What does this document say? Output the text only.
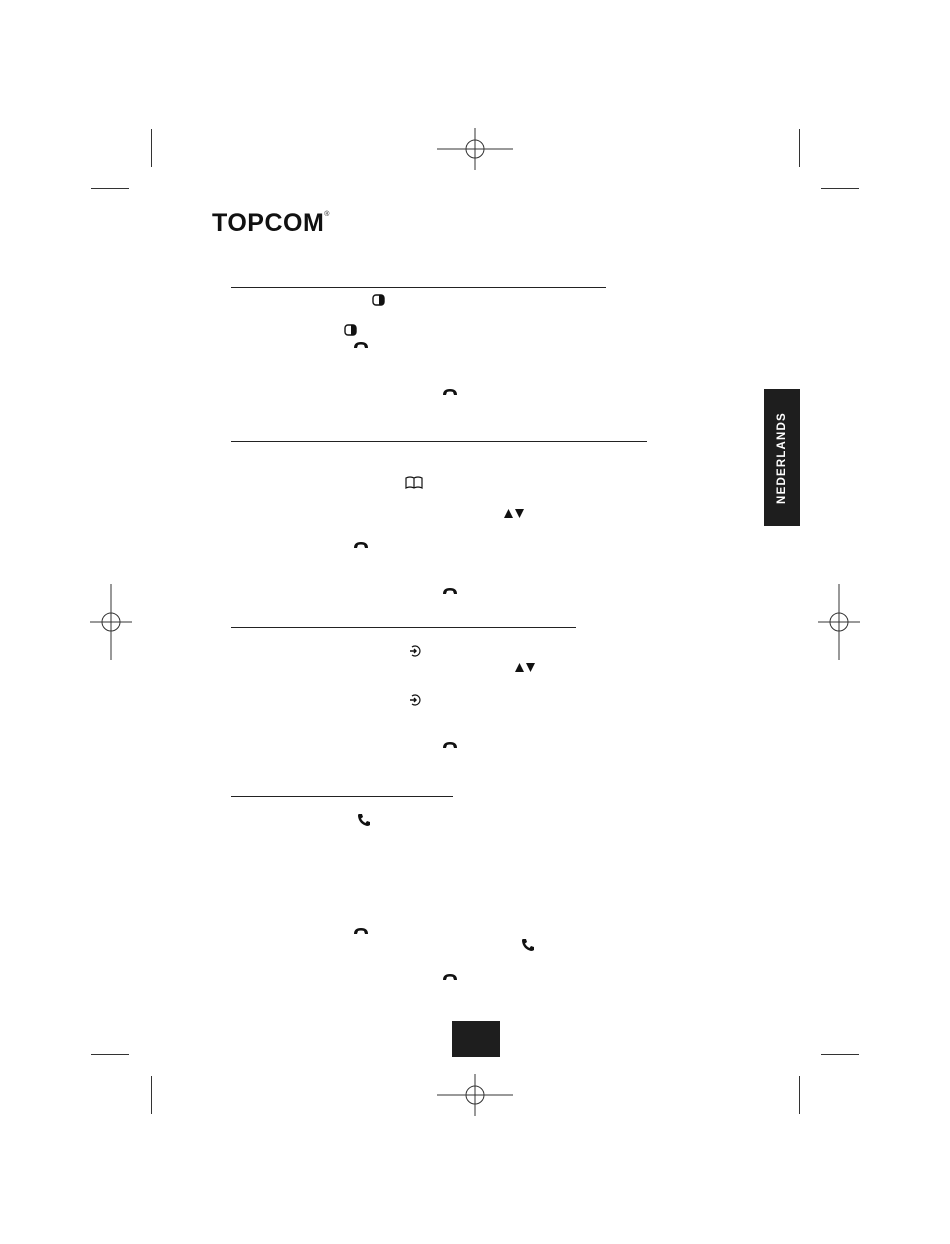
TOPCOM®
NEDERLANDS
